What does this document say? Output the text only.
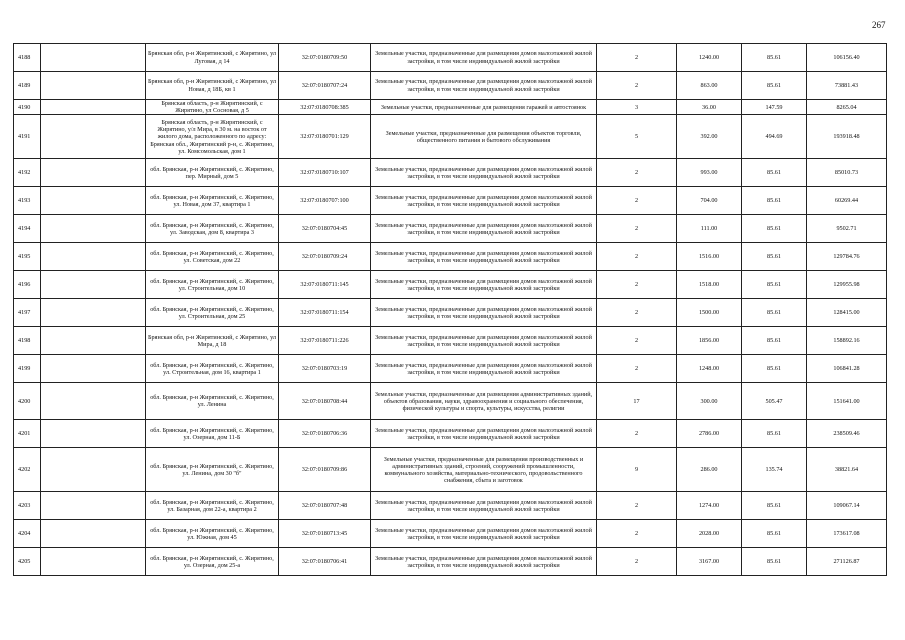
267
4188		Брянская обл, р-н Жирятинский, с Жирятино, ул Луговая, д 14	32:07:0180709:50	Земельные участки, предназначенные для размещения домов малоэтажной жилой застройки, в том числе индивидуальной жилой застройки	2	1240.00	85.61	106156.40
4189		Брянская обл, р-н Жирятинский, с Жирятино, ул Новая, д 18Б, кв 1	32:07:0180707:24	Земельные участки, предназначенные для размещения домов малоэтажной жилой застройки, в том числе индивидуальной жилой застройки	2	863.00	85.61	73881.43
4190		Брянская область, р-н Жирятинский, с Жирятино, ул Сосновая, д 5	32:07:0180708:385	Земельные участки, предназначенные для размещения гаражей и автостоянок	3	36.00	147.59	8265.04
4191		Брянская область, р-н Жирятинский, с Жирятино, у/л Мира, в 30 м. на восток от жилого дома, расположенного по адресу: Брянская обл., Жирятинский р-н, с. Жирятино, ул. Комсомольская, дом 1	32:07:0180701:129	Земельные участки, предназначенные для размещения объектов торговли, общественного питания и бытового обслуживания	5	392.00	494.69	193918.48
4192		обл. Брянская, р-н Жирятинский, с. Жирятино, пер. Мирный, дом 5	32:07:0180710:107	Земельные участки, предназначенные для размещения домов малоэтажной жилой застройки, в том числе индивидуальной жилой застройки	2	993.00	85.61	85010.73
4193		обл. Брянская, р-н Жирятинский, с. Жирятино, ул. Новая, дом 37, квартира 1	32:07:0180707:100	Земельные участки, предназначенные для размещения домов малоэтажной жилой застройки, в том числе индивидуальной жилой застройки	2	704.00	85.61	60269.44
4194		обл. Брянская, р-н Жирятинский, с. Жирятино, ул. Заводская, дом 8, квартира 3	32:07:0180704:45	Земельные участки, предназначенные для размещения домов малоэтажной жилой застройки, в том числе индивидуальной жилой застройки	2	111.00	85.61	9502.71
4195		обл. Брянская, р-н Жирятинский, с. Жирятино, ул. Советская, дом 22	32:07:0180709:24	Земельные участки, предназначенные для размещения домов малоэтажной жилой застройки, в том числе индивидуальной жилой застройки	2	1516.00	85.61	129784.76
4196		обл. Брянская, р-н Жирятинский, с. Жирятино, ул. Строительная, дом 10	32:07:0180711:145	Земельные участки, предназначенные для размещения домов малоэтажной жилой застройки, в том числе индивидуальной жилой застройки	2	1518.00	85.61	129955.98
4197		обл. Брянская, р-н Жирятинский, с. Жирятино, ул. Строительная, дом 25	32:07:0180711:154	Земельные участки, предназначенные для размещения домов малоэтажной жилой застройки, в том числе индивидуальной жилой застройки	2	1500.00	85.61	128415.00
4198		Брянская обл, р-н Жирятинский, с Жирятино, ул Мира, д 18	32:07:0180711:226	Земельные участки, предназначенные для размещения домов малоэтажной жилой застройки, в том числе индивидуальной жилой застройки	2	1856.00	85.61	158892.16
4199		обл. Брянская, р-н Жирятинский, с. Жирятино, ул. Строительная, дом 16, квартира 1	32:07:0180703:19	Земельные участки, предназначенные для размещения домов малоэтажной жилой застройки, в том числе индивидуальной жилой застройки	2	1248.00	85.61	106841.28
4200		обл. Брянская, р-н Жирятинский, с. Жирятино, ул. Ленина	32:07:0180708:44	Земельные участки, предназначенные для размещения административных зданий, объектов образования, науки, здравоохранения и социального обеспечения, физической культуры и спорта, культуры, искусства, религии	17	300.00	505.47	151641.00
4201		обл. Брянская, р-н Жирятинский, с. Жирятино, ул. Озерная, дом 11-Б	32:07:0180706:36	Земельные участки, предназначенные для размещения домов малоэтажной жилой застройки, в том числе индивидуальной жилой застройки	2	2786.00	85.61	238509.46
4202		обл. Брянская, р-н Жирятинский, с. Жирятино, ул. Ленина, дом 30 "б"	32:07:0180709:86	Земельные участки, предназначенные для размещения производственных и административных зданий, строений, сооружений промышленности, коммунального хозяйства, материально-технического, продовольственного снабжения, сбыта и заготовок	9	286.00	135.74	38821.64
4203		обл. Брянская, р-н Жирятинский, с. Жирятино, ул. Базарная, дом 22-а, квартира 2	32:07:0180707:48	Земельные участки, предназначенные для размещения домов малоэтажной жилой застройки, в том числе индивидуальной жилой застройки	2	1274.00	85.61	109067.14
4204		обл. Брянская, р-н Жирятинский, с. Жирятино, ул. Южная, дом 45	32:07:0180713:45	Земельные участки, предназначенные для размещения домов малоэтажной жилой застройки, в том числе индивидуальной жилой застройки	2	2028.00	85.61	173617.08
4205		обл. Брянская, р-н Жирятинский, с. Жирятино, ул. Озерная, дом 25-а	32:07:0180706:41	Земельные участки, предназначенные для размещения домов малоэтажной жилой застройки, в том числе индивидуальной жилой застройки	2	3167.00	85.61	271126.87
